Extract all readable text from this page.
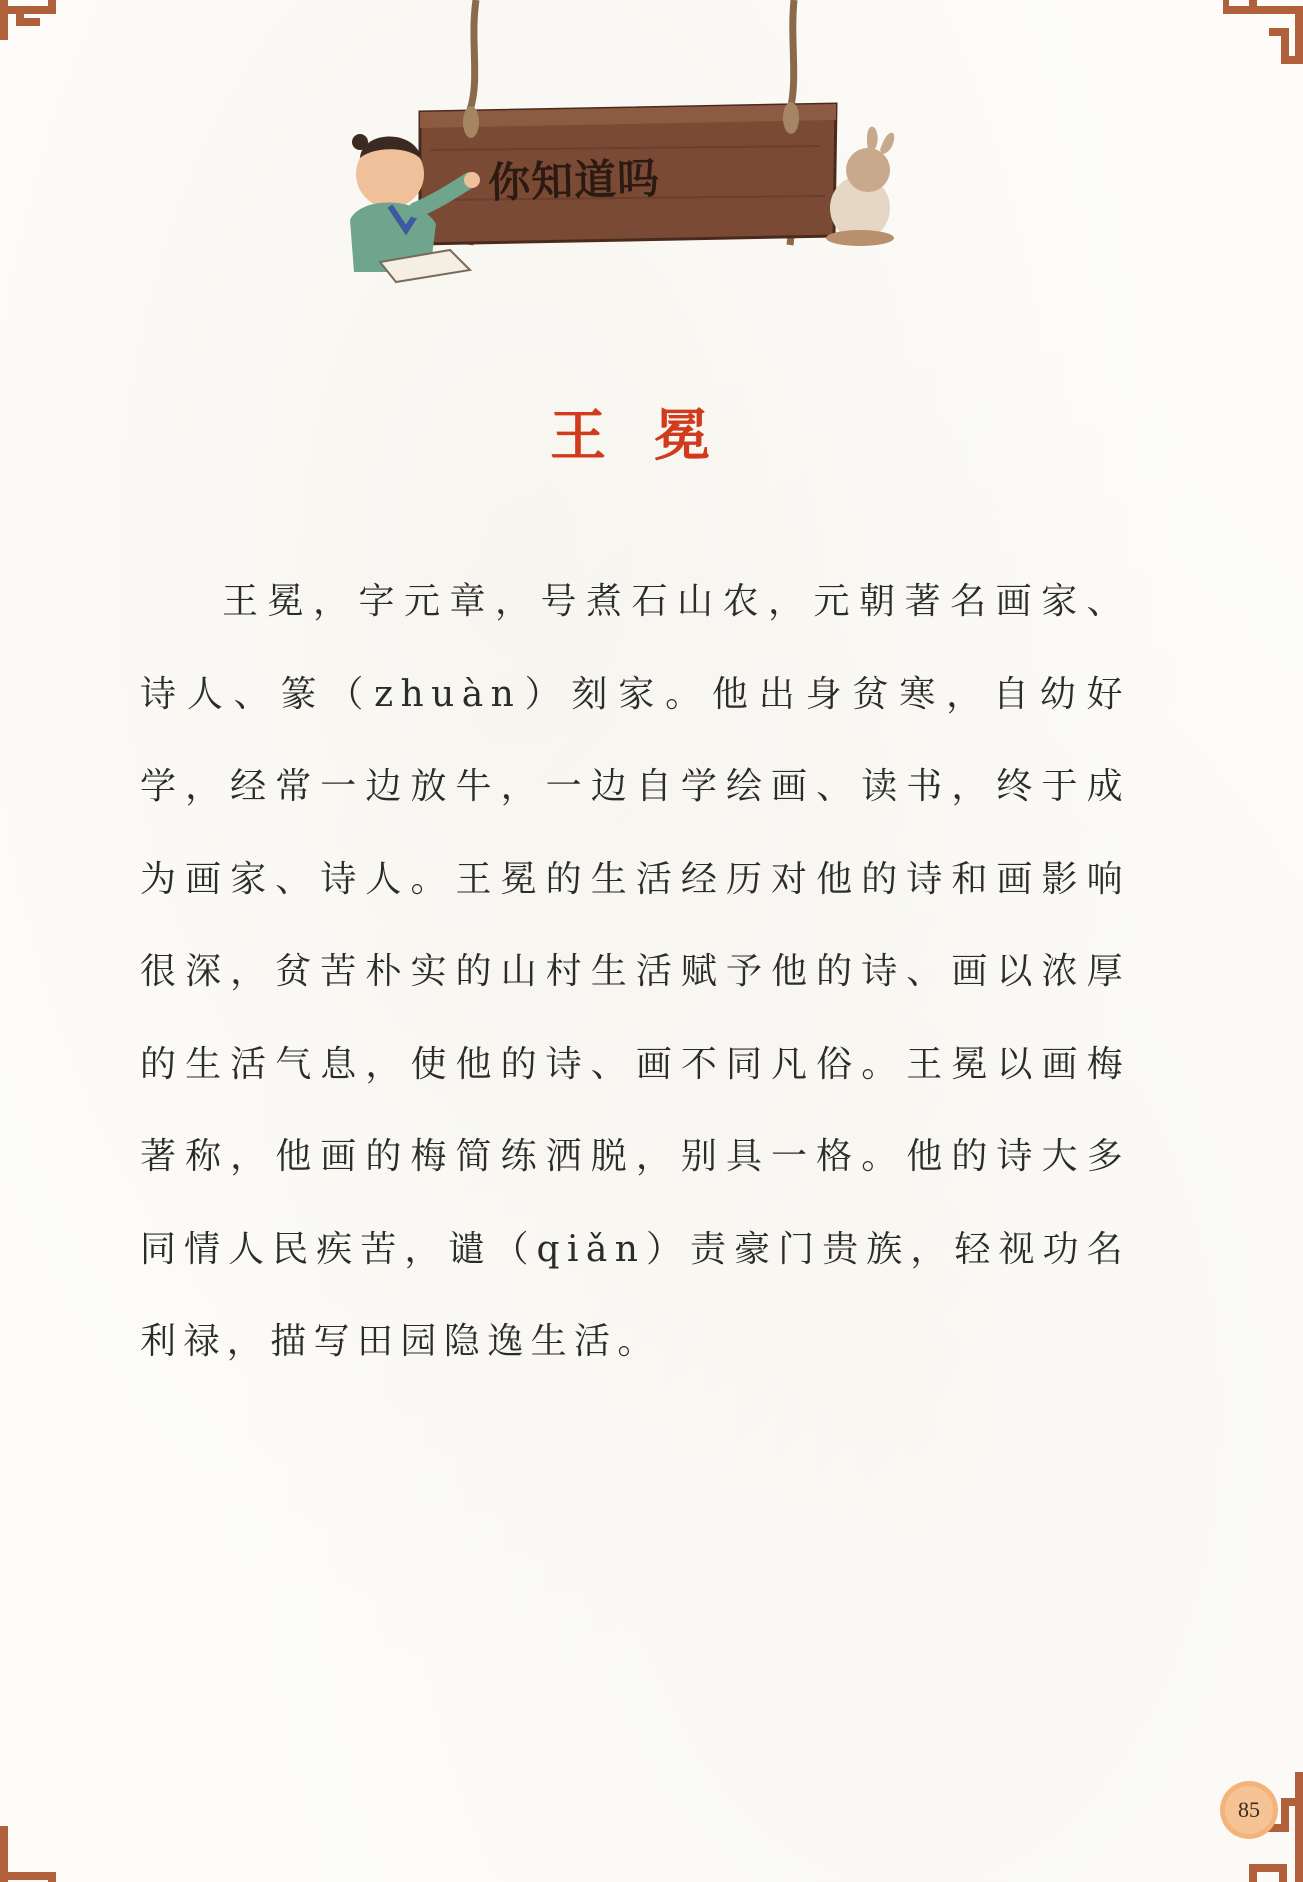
你知道吗
王冕

王冕，字元章，号煮石山农，元朝著名画家、诗人、篆（zhuàn）刻家。他出身贫寒，自幼好学，经常一边放牛，一边自学绘画、读书，终于成为画家、诗人。王冕的生活经历对他的诗和画影响很深，贫苦朴实的山村生活赋予他的诗、画以浓厚的生活气息，使他的诗、画不同凡俗。王冕以画梅著称，他画的梅简练洒脱，别具一格。他的诗大多同情人民疾苦，谴（qiǎn）责豪门贵族，轻视功名利禄，描写田园隐逸生活。

85
